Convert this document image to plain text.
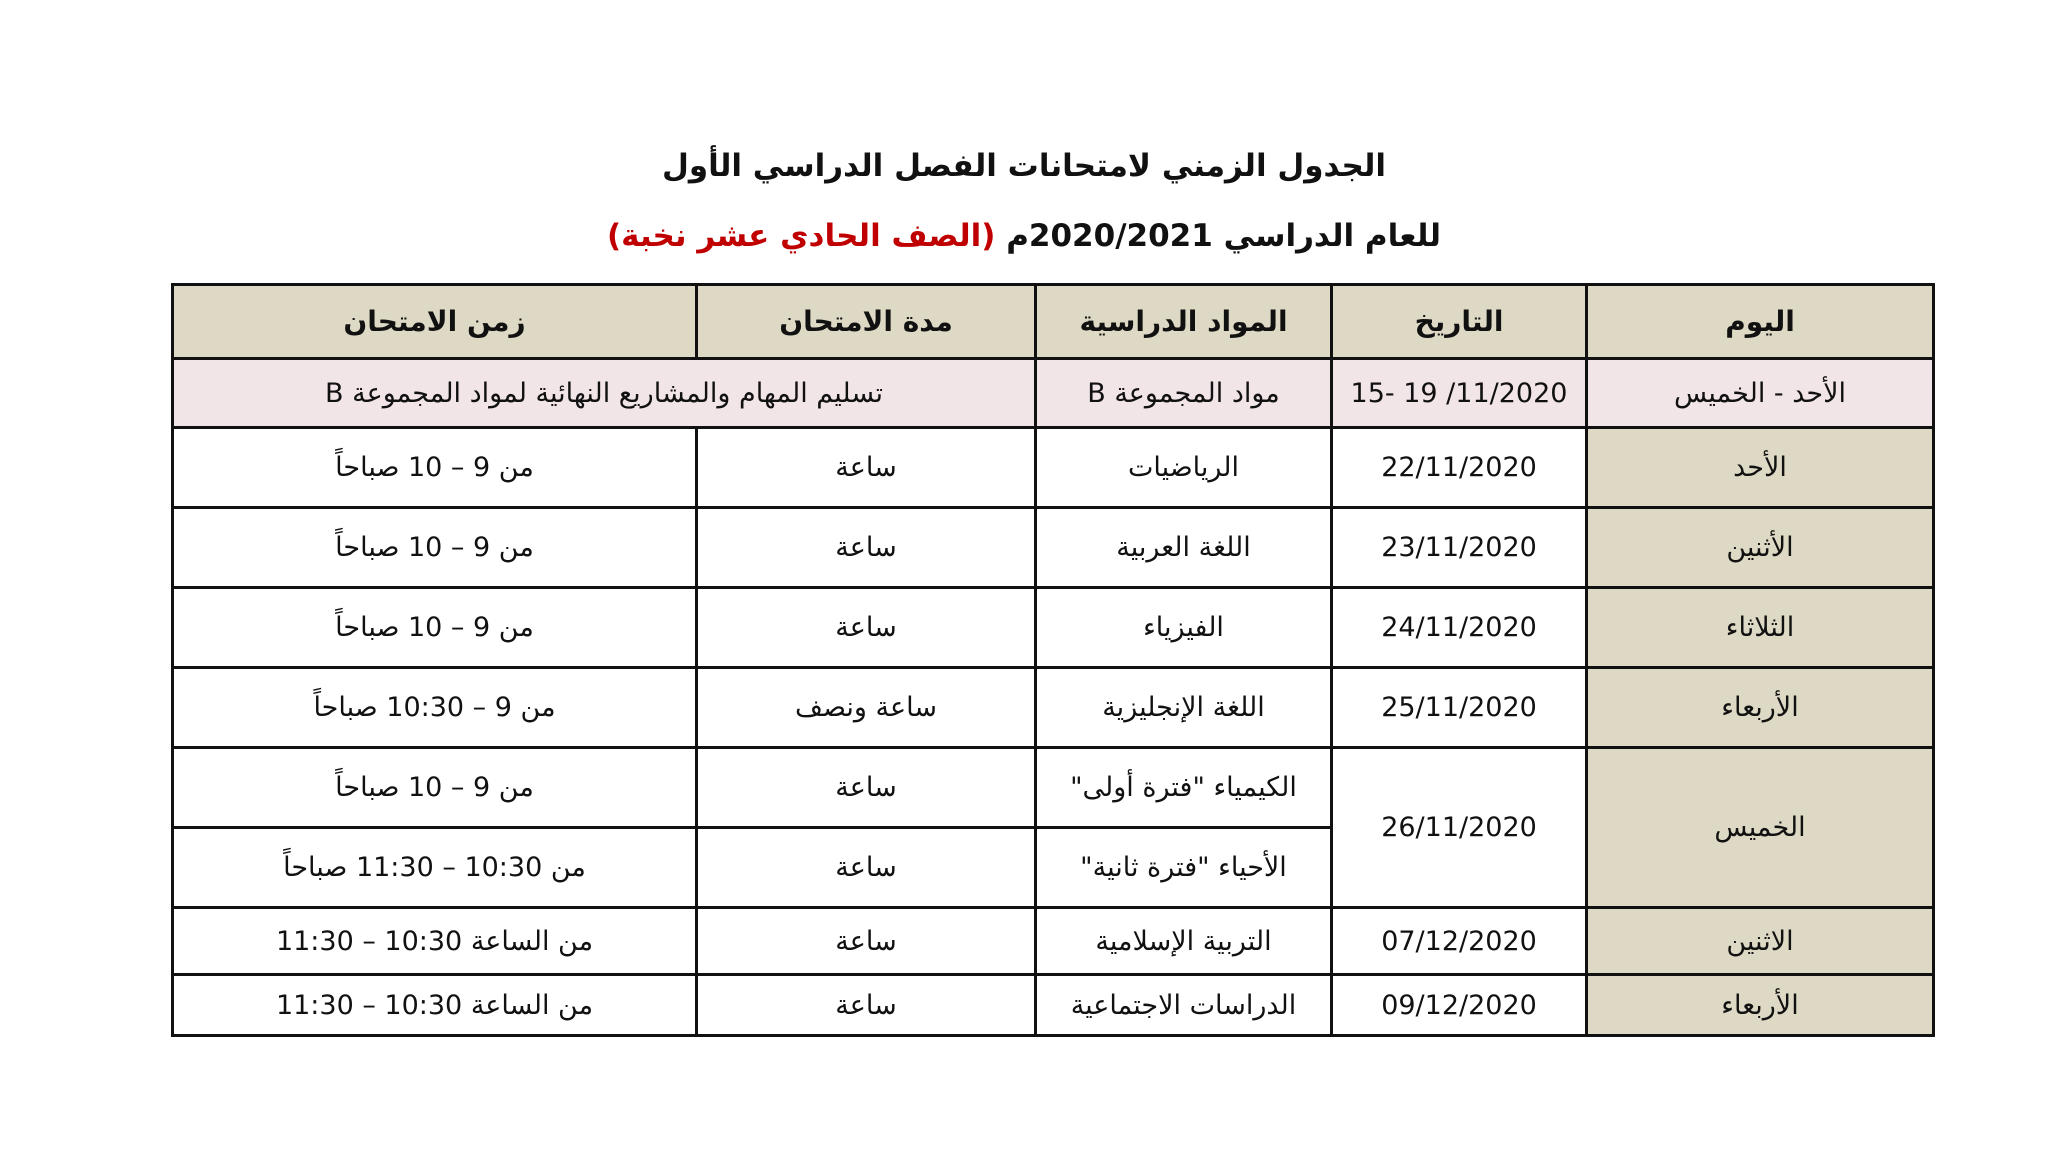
الجدول الزمني لامتحانات الفصل الدراسي الأول
للعام الدراسي 2020/2021م (الصف الحادي عشر نخبة)
اليوم	التاريخ	المواد الدراسية	مدة الامتحان	زمن الامتحان
الأحد - الخميس	15- 19 /11/2020	مواد المجموعة B	تسليم المهام والمشاريع النهائية لمواد المجموعة B	
الأحد	22/11/2020	الرياضيات	ساعة	من 9 – 10 صباحاً
الأثنين	23/11/2020	اللغة العربية	ساعة	من 9 – 10 صباحاً
الثلاثاء	24/11/2020	الفيزياء	ساعة	من 9 – 10 صباحاً
الأربعاء	25/11/2020	اللغة الإنجليزية	ساعة ونصف	من 9 – 10:30 صباحاً
الخميس	26/11/2020	الكيمياء "فترة أولى"	ساعة	من 9 – 10 صباحاً
		الأحياء "فترة ثانية"	ساعة	من 10:30 – 11:30 صباحاً
الاثنين	07/12/2020	التربية الإسلامية	ساعة	من الساعة 10:30 – 11:30
الأربعاء	09/12/2020	الدراسات الاجتماعية	ساعة	من الساعة 10:30 – 11:30
